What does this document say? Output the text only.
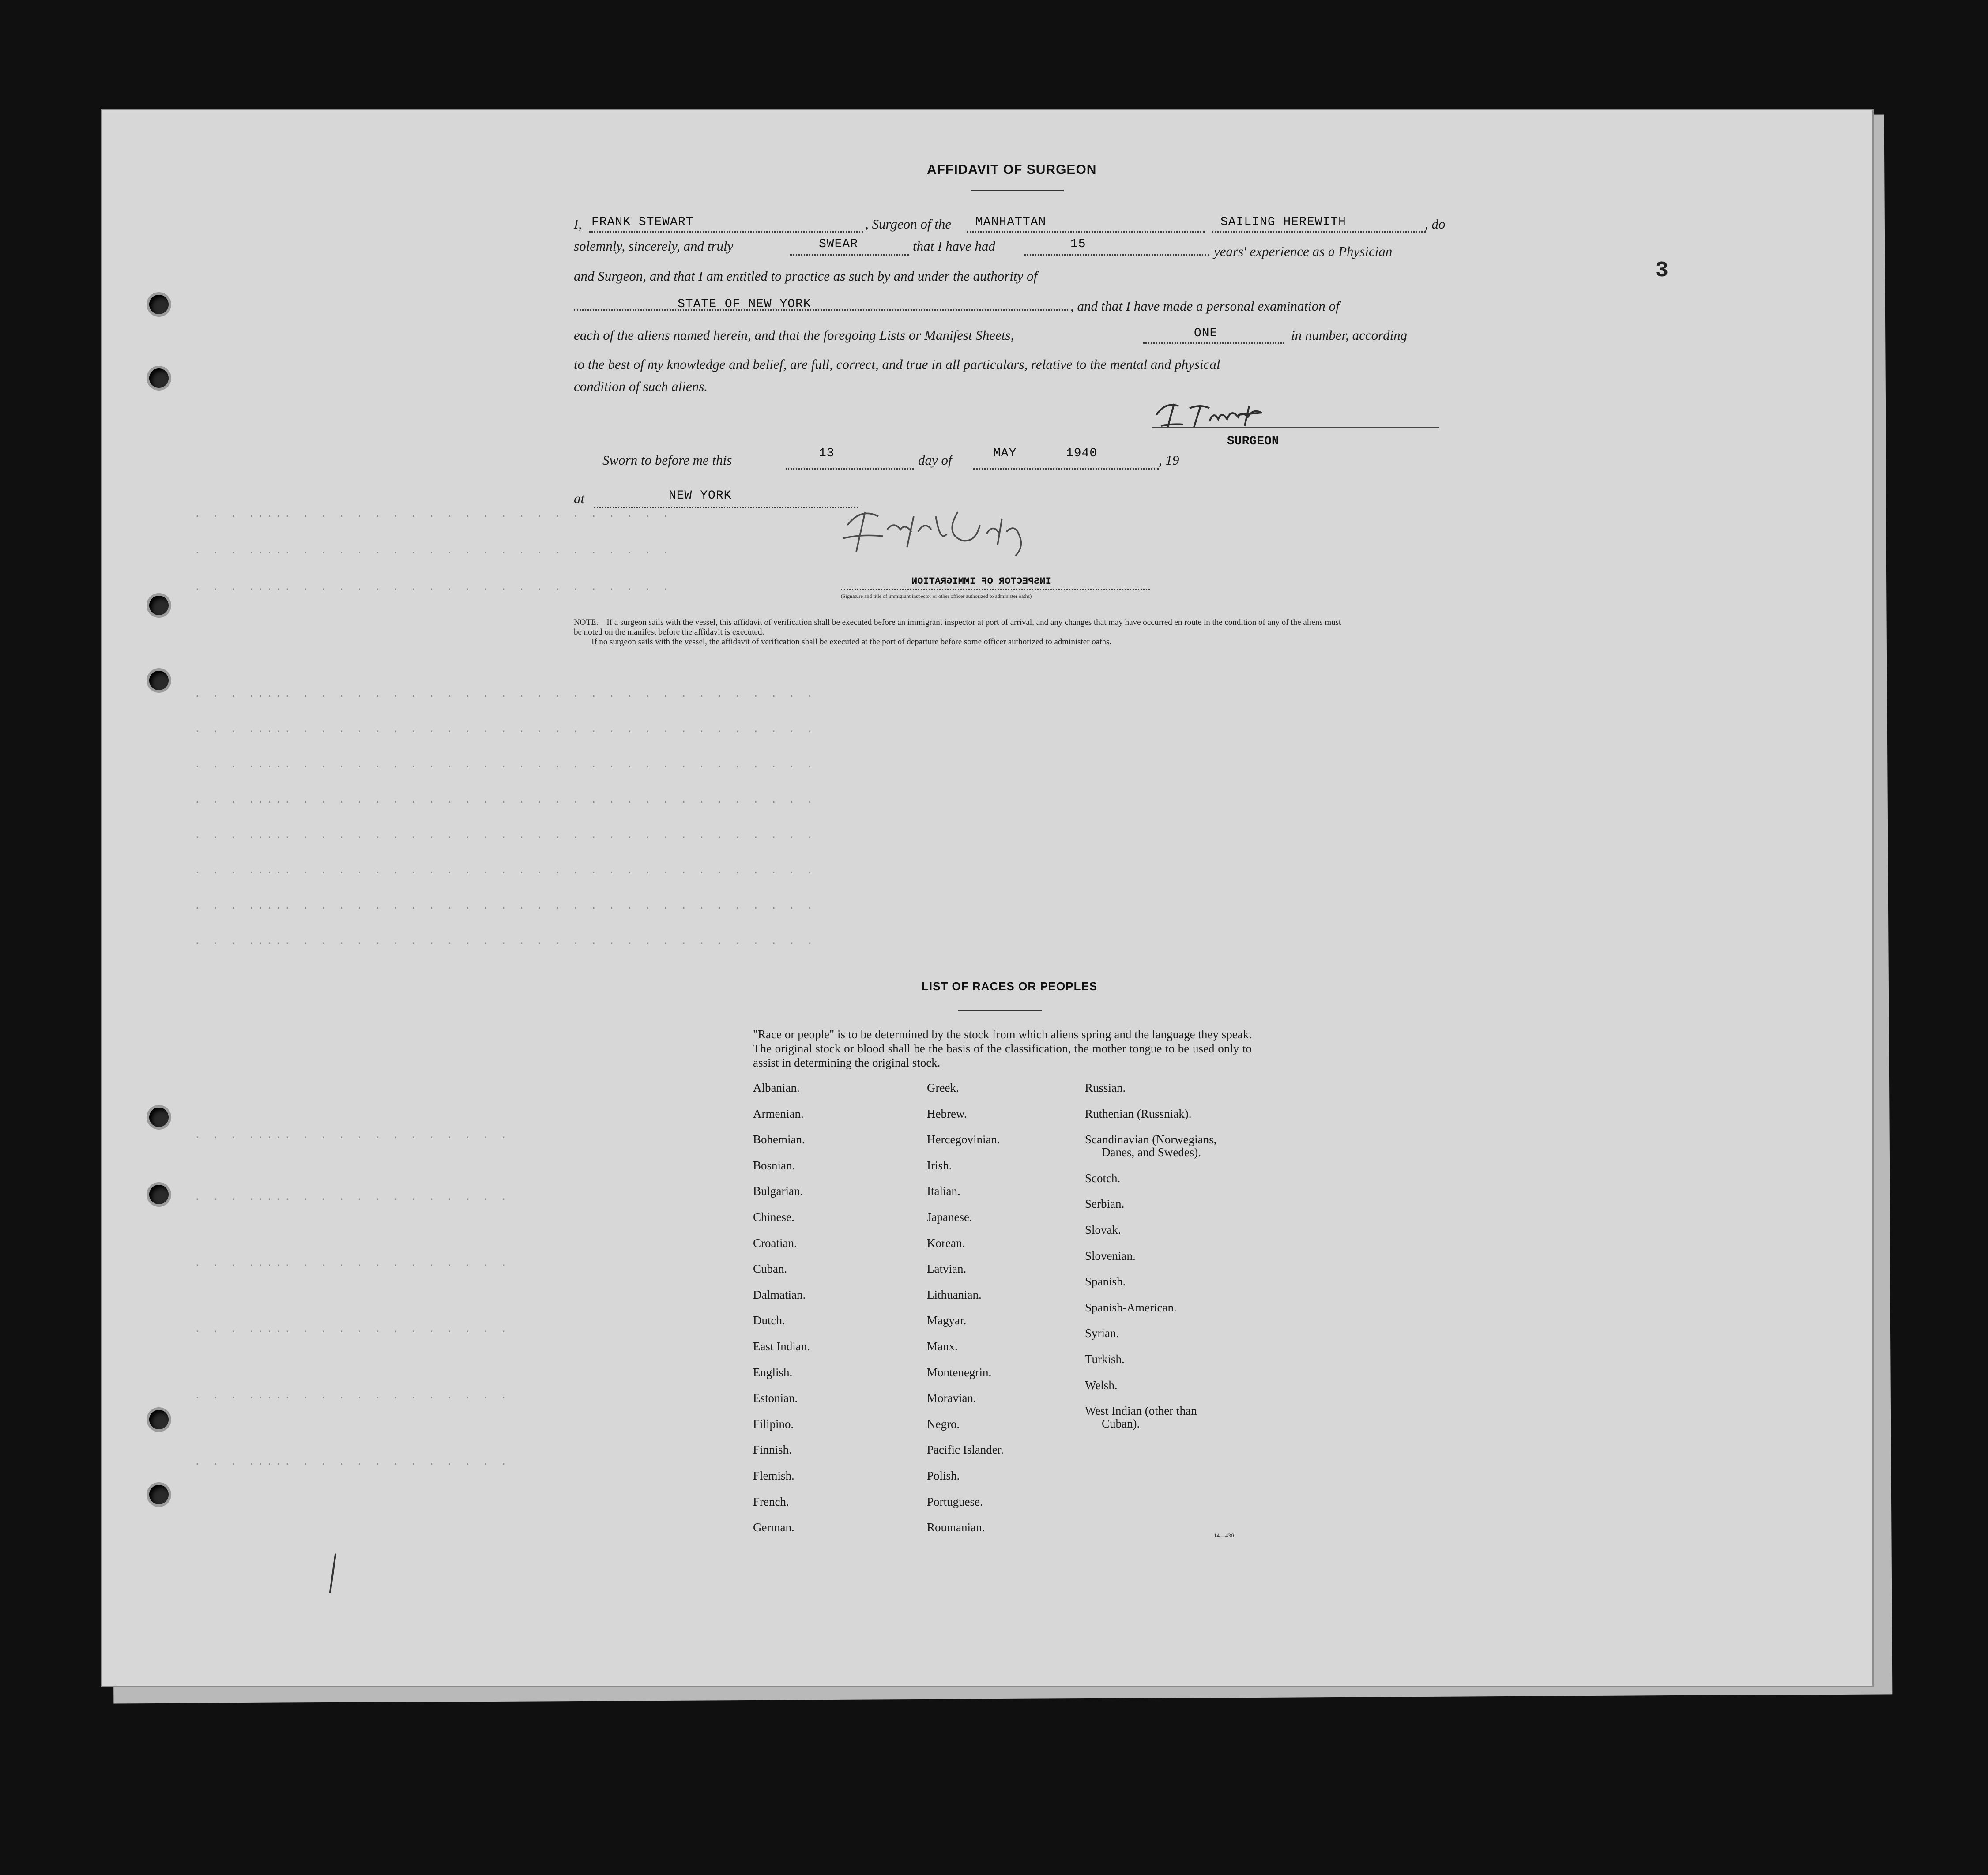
3
. . . ..... . . . . . . . . . . . . . . . . . . . . .
. . . ..... . . . . . . . . . . . . . . . . . . . . .
. . . ..... . . . . . . . . . . . . . . . . . . . . .
. . . ..... . . . . . . . . . . . . . . . . . . . . . . . . . . . . .
. . . ..... . . . . . . . . . . . . . . . . . . . . . . . . . . . . .
. . . ..... . . . . . . . . . . . . . . . . . . . . . . . . . . . . .
. . . ..... . . . . . . . . . . . . . . . . . . . . . . . . . . . . .
. . . ..... . . . . . . . . . . . . . . . . . . . . . . . . . . . . .
. . . ..... . . . . . . . . . . . . . . . . . . . . . . . . . . . . .
. . . ..... . . . . . . . . . . . . . . . . . . . . . . . . . . . . .
. . . ..... . . . . . . . . . . . . . . . . . . . . . . . . . . . . .
. . . ..... . . . . . . . . . . . .
. . . ..... . . . . . . . . . . . .
. . . ..... . . . . . . . . . . . .
. . . ..... . . . . . . . . . . . .
. . . ..... . . . . . . . . . . . .
. . . ..... . . . . . . . . . . . .
AFFIDAVIT OF SURGEON
I, FRANK STEWART	, Surgeon of the MANHATTAN	SAILING HEREWITH	, do
solemnly, sincerely, and truly	SWEAR	that I have had	15	years' experience as a Physician
and Surgeon, and that I am entitled to practice as such by and under the authority of
STATE OF NEW YORK	, and that I have made a personal examination of
each of the aliens named herein, and that the foregoing Lists or Manifest Sheets,	ONE	in number, according
to the best of my knowledge and belief, are full, correct, and true in all particulars, relative to the mental and physical
condition of such aliens.
SURGEON
Sworn to before me this	13	day of	MAY	1940	, 19
at	NEW YORK
INSPECTOR OF IMMIGRATION
(Signature and title of immigrant inspector or other officer authorized to administer oaths)
NOTE.—If a surgeon sails with the vessel, this affidavit of verification shall be executed before an immigrant inspector at port of arrival, and any changes that may have occurred en route in the condition of any of the aliens must be noted on the manifest before the affidavit is executed.
If no surgeon sails with the vessel, the affidavit of verification shall be executed at the port of departure before some officer authorized to administer oaths.
LIST OF RACES OR PEOPLES
"Race or people" is to be determined by the stock from which aliens spring and the language they speak. The original stock or blood shall be the basis of the classification, the mother tongue to be used only to assist in determining the original stock.
Albanian.
Armenian.
Bohemian.
Bosnian.
Bulgarian.
Chinese.
Croatian.
Cuban.
Dalmatian.
Dutch.
East Indian.
English.
Estonian.
Filipino.
Finnish.
Flemish.
French.
German.
Greek.
Hebrew.
Hercegovinian.
Irish.
Italian.
Japanese.
Korean.
Latvian.
Lithuanian.
Magyar.
Manx.
Montenegrin.
Moravian.
Negro.
Pacific Islander.
Polish.
Portuguese.
Roumanian.
Russian.
Ruthenian (Russniak).
Scandinavian (Norwegians,
Danes, and Swedes).
Scotch.
Serbian.
Slovak.
Slovenian.
Spanish.
Spanish-American.
Syrian.
Turkish.
Welsh.
West Indian (other than
Cuban).
14—430
